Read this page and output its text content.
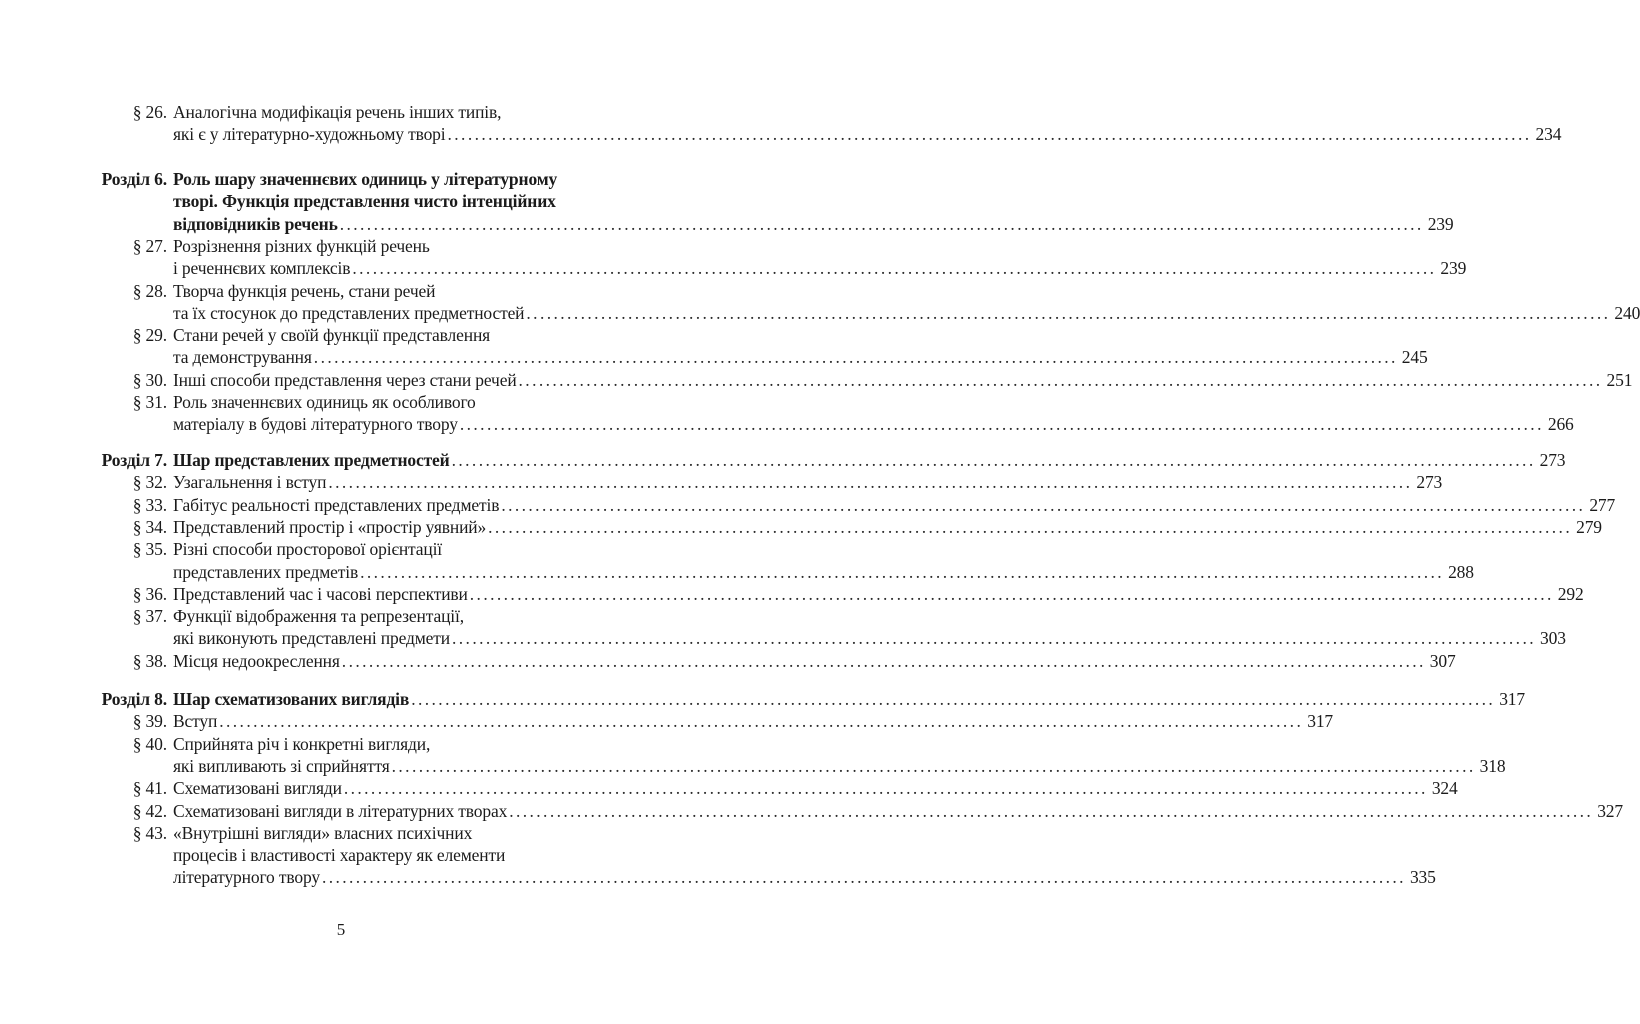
§ 26. Аналогічна модифікація речень інших типів,
які є у літературно-художньому творі ................................................................................................................................................................ 234
Розділ 6. Роль шару значеннєвих одиниць у літературному
творі. Функція представлення чисто інтенційних
відповідників речень ................................................................................................................................................................ 239
§ 27. Розрізнення різних функцій речень
і реченнєвих комплексів ................................................................................................................................................................ 239
§ 28. Творча функція речень, стани речей
та їх стосунок до представлених предметностей ................................................................................................................................................................ 240
§ 29. Стани речей у своїй функції представлення
та демонстрування ................................................................................................................................................................ 245
§ 30. Інші способи представлення через стани речей ................................................................................................................................................................ 251
§ 31. Роль значеннєвих одиниць як особливого
матеріалу в будові літературного твору ................................................................................................................................................................ 266
Розділ 7. Шар представлених предметностей ................................................................................................................................................................ 273
§ 32. Узагальнення і вступ ................................................................................................................................................................ 273
§ 33. Габітус реальності представлених предметів ................................................................................................................................................................ 277
§ 34. Представлений простір і «простір уявний» ................................................................................................................................................................ 279
§ 35. Різні способи просторової орієнтації
представлених предметів ................................................................................................................................................................ 288
§ 36. Представлений час і часові перспективи ................................................................................................................................................................ 292
§ 37. Функції відображення та репрезентації,
які виконують представлені предмети ................................................................................................................................................................ 303
§ 38. Місця недоокреслення ................................................................................................................................................................ 307
Розділ 8. Шар схематизованих виглядів ................................................................................................................................................................ 317
§ 39. Вступ ................................................................................................................................................................ 317
§ 40. Сприйнята річ і конкретні вигляди,
які випливають зі сприйняття ................................................................................................................................................................ 318
§ 41. Схематизовані вигляди ................................................................................................................................................................ 324
§ 42. Схематизовані вигляди в літературних творах ................................................................................................................................................................ 327
§ 43. «Внутрішні вигляди» власних психічних
процесів і властивості характеру як елементи
літературного твору ................................................................................................................................................................ 335
5
